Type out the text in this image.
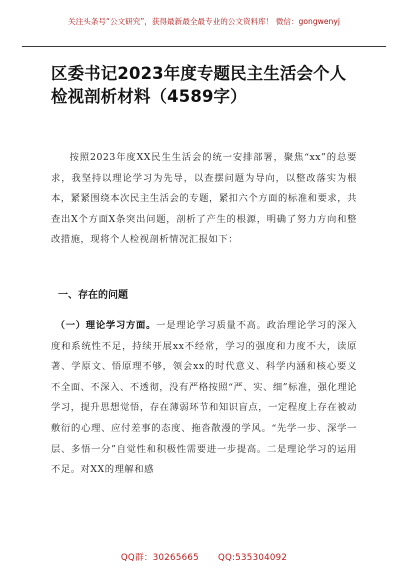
关注头条号“公文研究”，获得最新最全最专业的公文资料库！ 微信：gongwenyj
区委书记2023年度专题民主生活会个人检视剖析材料（4589字）
按照2023年度XX民生生活会的统一安排部署，聚焦“xx”的总要求，我坚持以理论学习为先导，以查摆问题为导向，以整改落实为根本，紧紧围绕本次民主生活会的专题，紧扣六个方面的标准和要求，共查出X个方面X条突出问题，剖析了产生的根源，明确了努力方向和整改措施，现将个人检视剖析情况汇报如下：
一、存在的问题
（一）理论学习方面。一是理论学习质量不高。政治理论学习的深入度和系统性不足，持续开展xx不经常，学习的强度和力度不大，读原著、学原文、悟原理不够，领会xx的时代意义、科学内涵和核心要义不全面、不深入、不透彻，没有严格按照“严、实、细”标准，强化理论学习，提升思想觉悟，存在薄弱环节和知识盲点，一定程度上存在被动敷衍的心理、应付差事的态度、拖沓散漫的学风。“先学一步、深学一层、多悟一分”自觉性和积极性需要进一步提高。二是理论学习的运用不足。对XX的理解和感
QQ群：30265665 QQ:535304092
